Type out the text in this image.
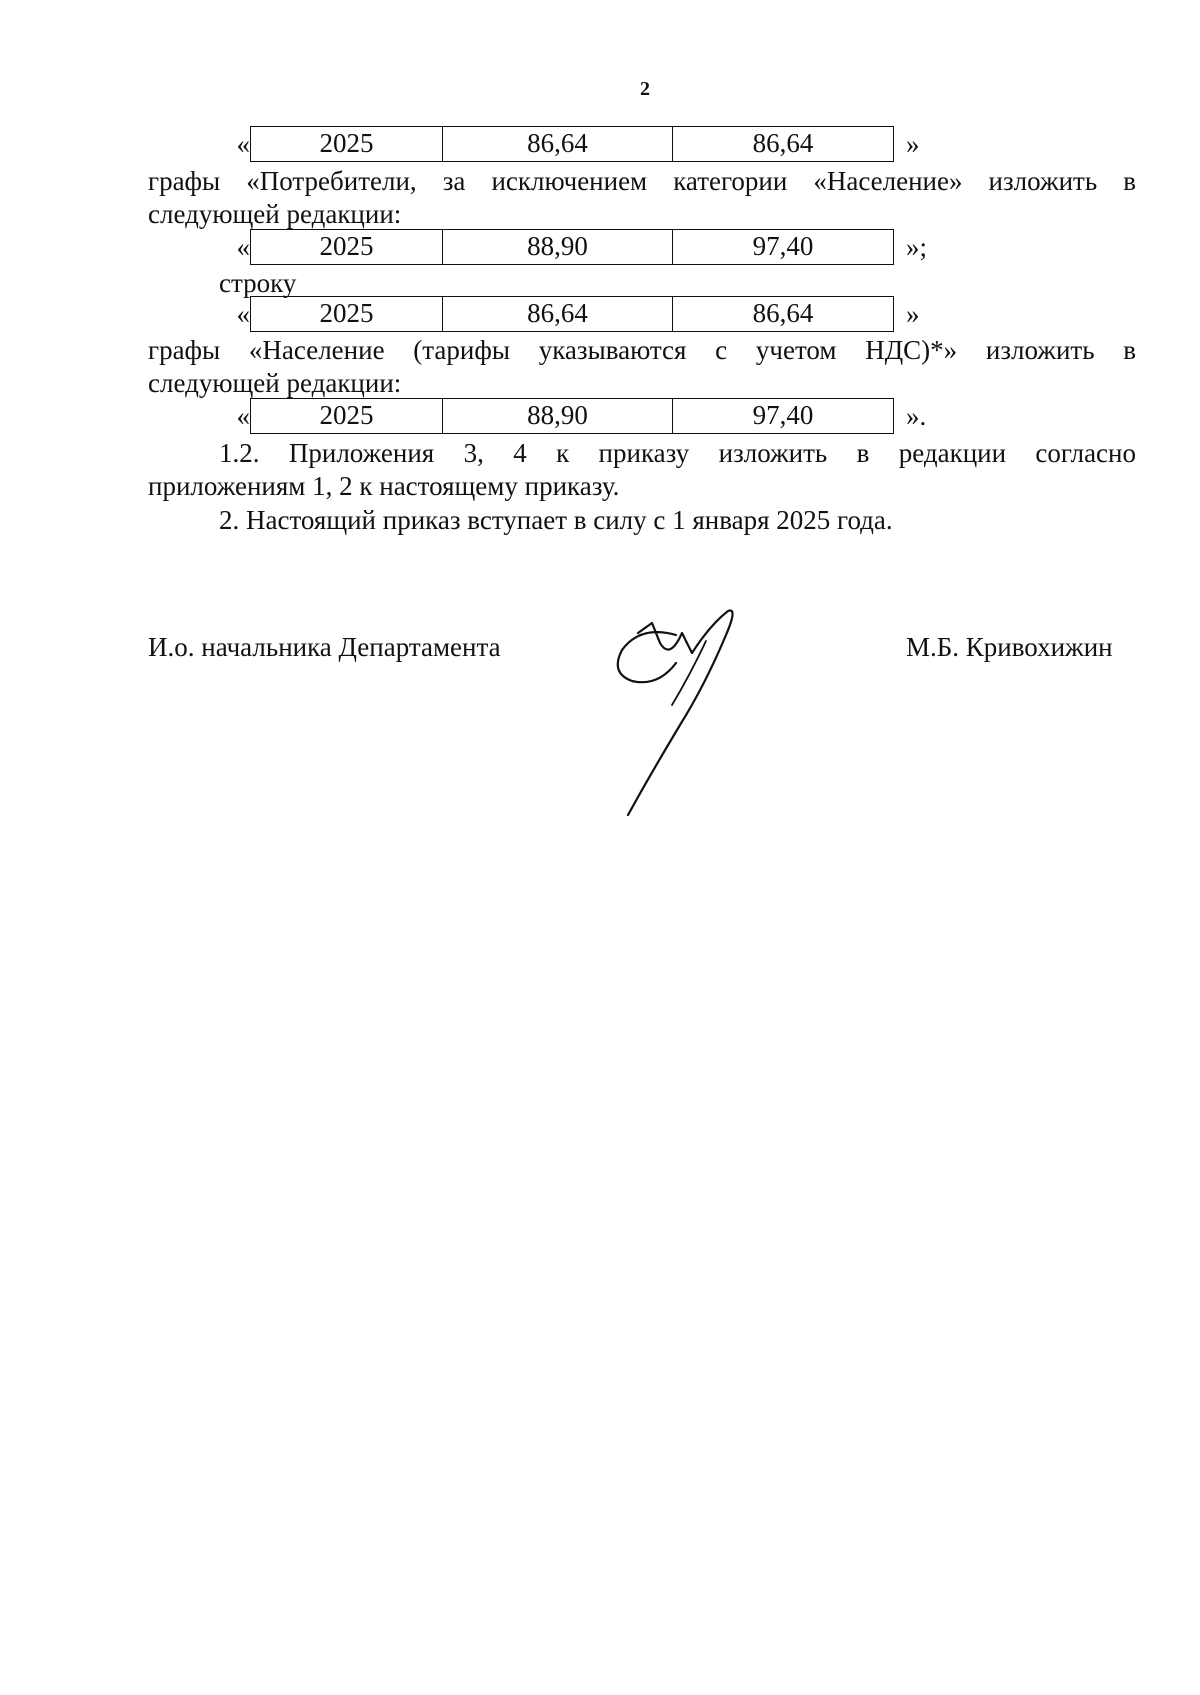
2
«	2025	86,64	86,64	»

графы «Потребители, за исключением категории «Население» изложить в

следующей редакции:

«	2025	88,90	97,40	»;

строку

«	2025	86,64	86,64	»

графы «Население (тарифы указываются с учетом НДС)*» изложить в

следующей редакции:

«	2025	88,90	97,40	».

1.2. Приложения 3, 4 к приказу изложить в редакции согласно

приложениям 1, 2 к настоящему приказу.

2. Настоящий приказ вступает в силу с 1 января 2025 года.

И.о. начальника Департамента	М.Б. Кривохижин
